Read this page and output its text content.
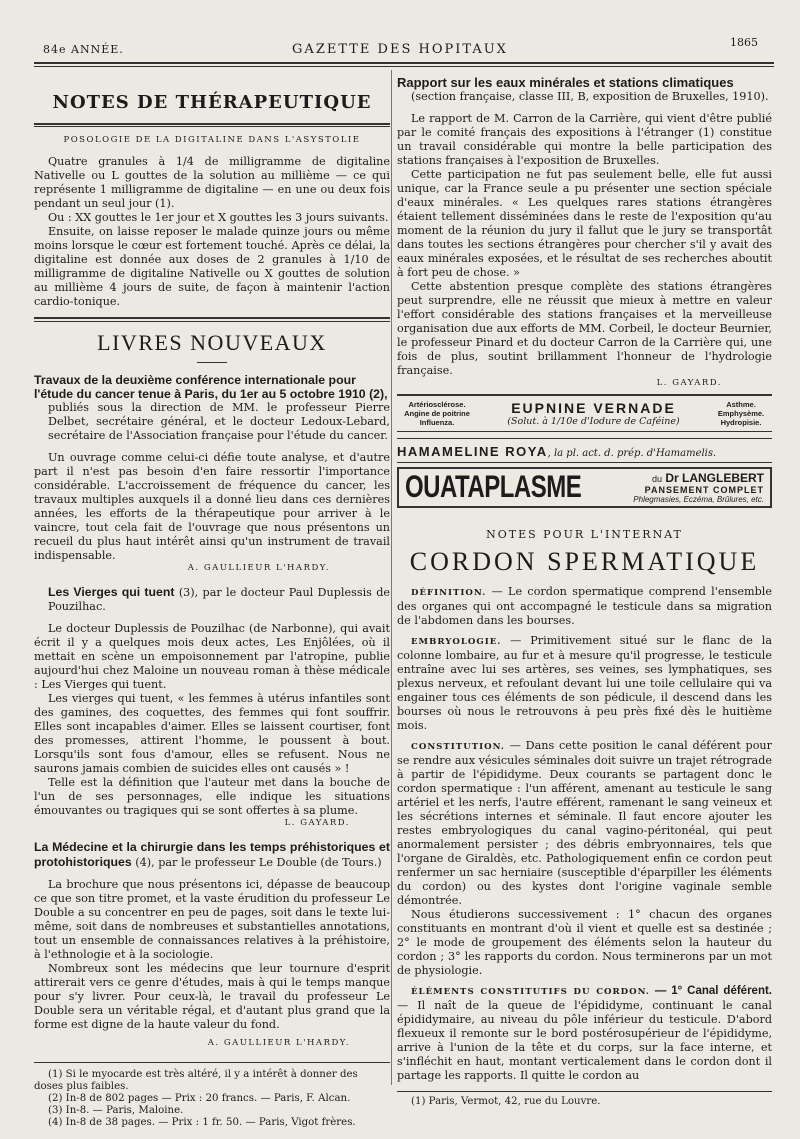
84e ANNÉE.	GAZETTE DES HOPITAUX	1865
NOTES DE THÉRAPEUTIQUE
POSOLOGIE DE LA DIGITALINE DANS L'ASYSTOLIE

Quatre granules à 1/4 de milligramme de digitaline Nativelle ou L gouttes de la solution au millième — ce qui représente 1 milligramme de digitaline — en une ou deux fois pendant un seul jour (1).

Ou : XX gouttes le 1er jour et X gouttes les 3 jours suivants.

Ensuite, on laisse reposer le malade quinze jours ou même moins lorsque le cœur est fortement touché. Après ce délai, la digitaline est donnée aux doses de 2 granules à 1/10 de milligramme de digitaline Nativelle ou X gouttes de solution au millième 4 jours de suite, de façon à maintenir l'action cardio-tonique.

LIVRES NOUVEAUX

Travaux de la deuxième conférence internationale pour l'étude du cancer tenue à Paris, du 1er au 5 octobre 1910 (2),

publiés sous la direction de MM. le professeur Pierre Delbet, secrétaire général, et le docteur Ledoux-Lebard, secrétaire de l'Association française pour l'étude du cancer.

Un ouvrage comme celui-ci défie toute analyse, et d'autre part il n'est pas besoin d'en faire ressortir l'importance considérable. L'accroissement de fréquence du cancer, les travaux multiples auxquels il a donné lieu dans ces dernières années, les efforts de la thérapeutique pour arriver à le vaincre, tout cela fait de l'ouvrage que nous présentons un recueil du plus haut intérêt ainsi qu'un instrument de travail indispensable.

A. GAULLIEUR L'HARDY.

Les Vierges qui tuent (3), par le docteur Paul Duplessis de Pouzilhac.

Le docteur Duplessis de Pouzilhac (de Narbonne), qui avait écrit il y a quelques mois deux actes, Les Enjôlées, où il mettait en scène un empoisonnement par l'atropine, publie aujourd'hui chez Maloine un nouveau roman à thèse médicale : Les Vierges qui tuent.

Les vierges qui tuent, « les femmes à utérus infantiles sont des gamines, des coquettes, des femmes qui font souffrir. Elles sont incapables d'aimer. Elles se laissent courtiser, font des promesses, attirent l'homme, le poussent à bout. Lorsqu'ils sont fous d'amour, elles se refusent. Nous ne saurons jamais combien de suicides elles ont causés » !

Telle est la définition que l'auteur met dans la bouche de l'un de ses personnages, elle indique les situations émouvantes ou tragiques qui se sont offertes à sa plume.

L. GAYARD.

La Médecine et la chirurgie dans les temps préhistoriques et protohistoriques (4), par le professeur Le Double (de Tours.)

La brochure que nous présentons ici, dépasse de beaucoup ce que son titre promet, et la vaste érudition du professeur Le Double a su concentrer en peu de pages, soit dans le texte lui-même, soit dans de nombreuses et substantielles annotations, tout un ensemble de connaissances relatives à la préhistoire, à l'ethnologie et à la sociologie.

Nombreux sont les médecins que leur tournure d'esprit attirerait vers ce genre d'études, mais à qui le temps manque pour s'y livrer. Pour ceux-là, le travail du professeur Le Double sera un véritable régal, et d'autant plus grand que la forme est digne de la haute valeur du fond.

A. GAULLIEUR L'HARDY.

(1) Si le myocarde est très altéré, il y a intérêt à donner des doses plus faibles.

(2) In-8 de 802 pages — Prix : 20 francs. — Paris, F. Alcan.

(3) In-8. — Paris, Maloine.

(4) In-8 de 38 pages. — Prix : 1 fr. 50. — Paris, Vigot frères.

Rapport sur les eaux minérales et stations climatiques

(section française, classe III, B, exposition de Bruxelles, 1910).

Le rapport de M. Carron de la Carrière, qui vient d'être publié par le comité français des expositions à l'étranger (1) constitue un travail considérable qui montre la belle participation des stations françaises à l'exposition de Bruxelles.

Cette participation ne fut pas seulement belle, elle fut aussi unique, car la France seule a pu présenter une section spéciale d'eaux minérales. « Les quelques rares stations étrangères étaient tellement disséminées dans le reste de l'exposition qu'au moment de la réunion du jury il fallut que le jury se transportât dans toutes les sections étrangères pour chercher s'il y avait des eaux minérales exposées, et le résultat de ses recherches aboutit à fort peu de chose. »

Cette abstention presque complète des stations étrangères peut surprendre, elle ne réussit que mieux à mettre en valeur l'effort considérable des stations françaises et la merveilleuse organisation due aux efforts de MM. Corbeil, le docteur Beurnier, le professeur Pinard et du docteur Carron de la Carrière qui, une fois de plus, soutint brillamment l'honneur de l'hydrologie française.

L. GAYARD.

Artériosclérose. Angine de poitrine Influenza.
EUPNINE VERNADE
(Solut. à 1/10e d'Iodure de Caféine)
Asthme. Emphysème. Hydropisie.
HAMAMELINE ROYA, la pl. act. d. prép. d'Hamamelis.
OUATAPLASME	du Dr LANGLEBERT
PANSEMENT COMPLET
Phlegmasies, Eczéma, Brûlures, etc.
NOTES POUR L'INTERNAT
CORDON SPERMATIQUE

DÉFINITION. — Le cordon spermatique comprend l'ensemble des organes qui ont accompagné le testicule dans sa migration de l'abdomen dans les bourses.

EMBRYOLOGIE. — Primitivement situé sur le flanc de la colonne lombaire, au fur et à mesure qu'il progresse, le testicule entraîne avec lui ses artères, ses veines, ses lymphatiques, ses plexus nerveux, et refoulant devant lui une toile cellulaire qui va engainer tous ces éléments de son pédicule, il descend dans les bourses où nous le retrouvons à peu près fixé dès le huitième mois.

CONSTITUTION. — Dans cette position le canal déférent pour se rendre aux vésicules séminales doit suivre un trajet rétrograde à partir de l'épididyme. Deux courants se partagent donc le cordon spermatique : l'un afférent, amenant au testicule le sang artériel et les nerfs, l'autre efférent, ramenant le sang veineux et les sécrétions internes et séminale. Il faut encore ajouter les restes embryologiques du canal vagino-péritonéal, qui peut anormalement persister ; des débris embryonnaires, tels que l'organe de Giraldès, etc. Pathologiquement enfin ce cordon peut renfermer un sac herniaire (susceptible d'éparpiller les éléments du cordon) ou des kystes dont l'origine vaginale semble démontrée.

Nous étudierons successivement : 1° chacun des organes constituants en montrant d'où il vient et quelle est sa destinée ; 2° le mode de groupement des éléments selon la hauteur du cordon ; 3° les rapports du cordon. Nous terminerons par un mot de physiologie.

ÉLÉMENTS CONSTITUTIFS DU CORDON. — 1° Canal déférent. — Il naît de la queue de l'épididyme, continuant le canal épididymaire, au niveau du pôle inférieur du testicule. D'abord flexueux il remonte sur le bord postérosupérieur de l'épididyme, arrive à l'union de la tête et du corps, sur la face interne, et s'infléchit en haut, montant verticalement dans le cordon dont il partage les rapports. Il quitte le cordon au

(1) Paris, Vermot, 42, rue du Louvre.
